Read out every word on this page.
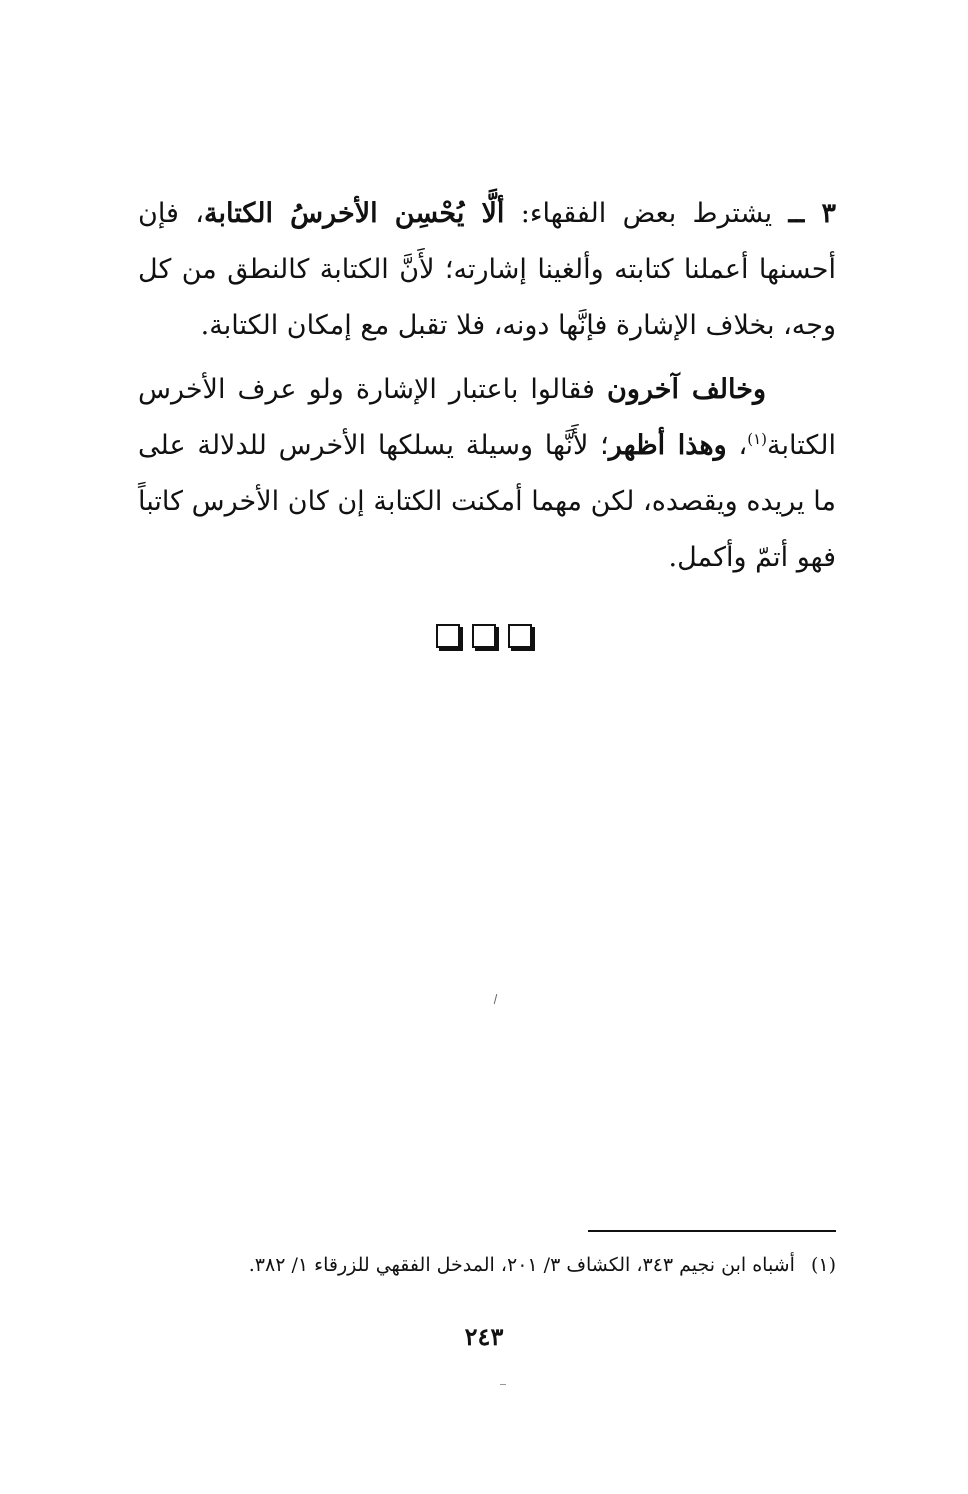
٣ ــ يشترط بعض الفقهاء: ألَّا يُحْسِن الأخرسُ الكتابة، فإن أحسنها أعملنا كتابته وألغينا إشارته؛ لأَنَّ الكتابة كالنطق من كل وجه، بخلاف الإشارة فإنَّها دونه، فلا تقبل مع إمكان الكتابة.

وخالف آخرون فقالوا باعتبار الإشارة ولو عرف الأخرس الكتابة$^{(١)}$، وهذا أظهر؛ لأَنَّها وسيلة يسلكها الأخرس للدلالة على ما يريده ويقصده، لكن مهما أمكنت الكتابة إن كان الأخرس كاتباً فهو أتمّ وأكمل.

(١) أشباه ابن نجيم ٣٤٣، الكشاف ٣/ ٢٠١، المدخل الفقهي للزرقاء ١/ ٣٨٢.

٢٤٣
